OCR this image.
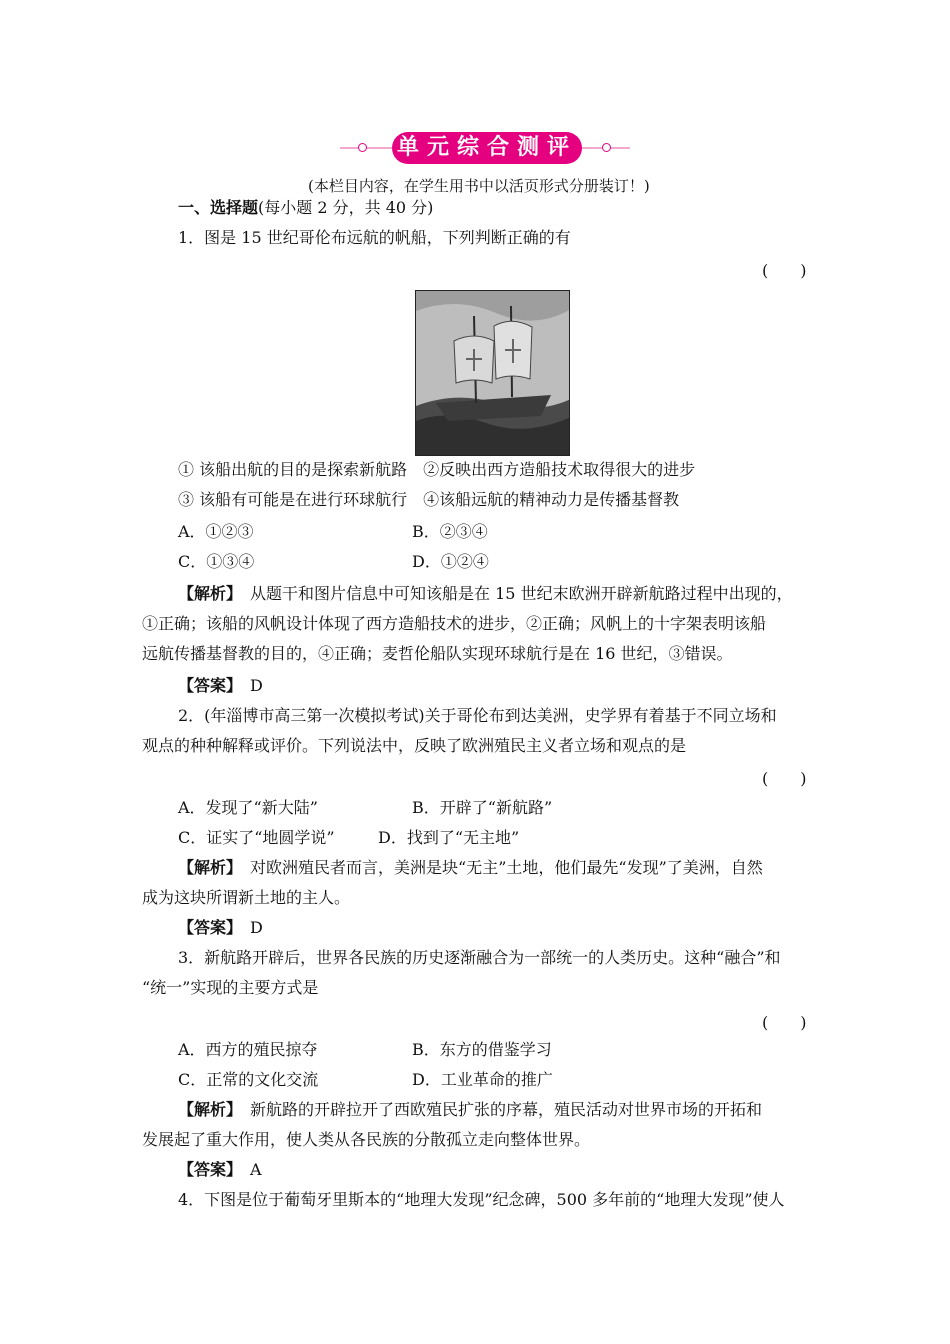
单元综合测评
(本栏目内容，在学生用书中以活页形式分册装订！)
一、选择题(每小题 2 分，共 40 分)
1．图是 15 世纪哥伦布远航的帆船，下列判断正确的有
(　　)
① 该船出航的目的是探索新航路　②反映出西方造船技术取得很大的进步
③ 该船有可能是在进行环球航行　④该船远航的精神动力是传播基督教
A．①②③	B．②③④
C．①③④	D．①②④
【解析】　 从题干和图片信息中可知该船是在 15 世纪末欧洲开辟新航路过程中出现的，
①正确；该船的风帆设计体现了西方造船技术的进步，②正确；风帆上的十字架表明该船
远航传播基督教的目的，④正确；麦哲伦船队实现环球航行是在 16 世纪，③错误。
【答案】　 D
2．(年淄博市高三第一次模拟考试)关于哥伦布到达美洲，史学界有着基于不同立场和
观点的种种解释或评价。下列说法中，反映了欧洲殖民主义者立场和观点的是
(　　)
A．发现了“新大陆”	B．开辟了“新航路”
C．证实了“地圆学说”	D．找到了“无主地”
【解析】　 对欧洲殖民者而言，美洲是块“无主”土地，他们最先“发现”了美洲，自然
成为这块所谓新土地的主人。
【答案】　 D
3．新航路开辟后，世界各民族的历史逐渐融合为一部统一的人类历史。这种“融合”和
“统一”实现的主要方式是
(　　)
A．西方的殖民掠夺	B．东方的借鉴学习
C．正常的文化交流	D．工业革命的推广
【解析】　 新航路的开辟拉开了西欧殖民扩张的序幕，殖民活动对世界市场的开拓和
发展起了重大作用，使人类从各民族的分散孤立走向整体世界。
【答案】　 A
4．下图是位于葡萄牙里斯本的“地理大发现”纪念碑，500 多年前的“地理大发现”使人
